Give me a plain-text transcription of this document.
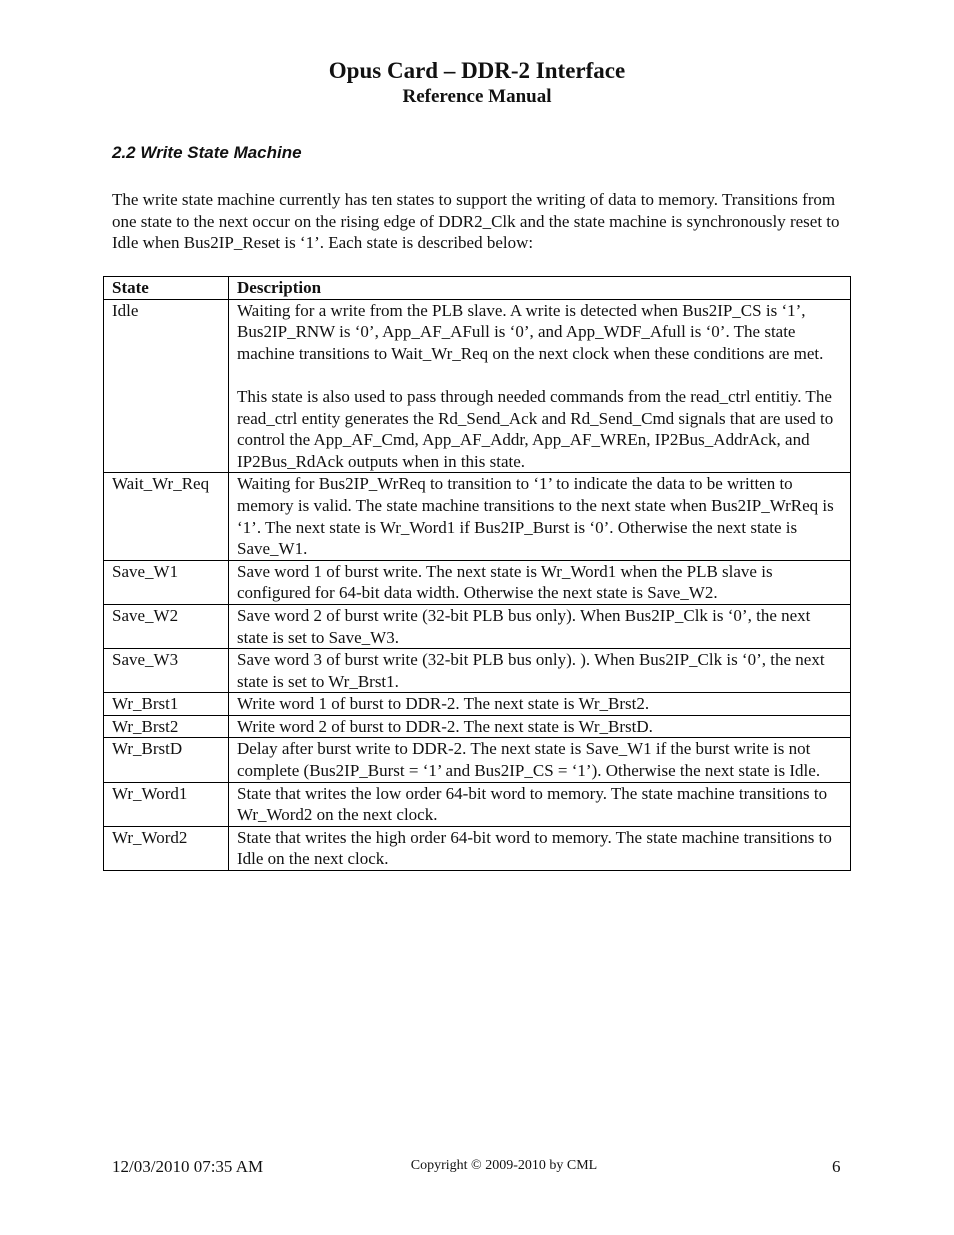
Opus Card – DDR-2 Interface
Reference Manual
2.2 Write State Machine

The write state machine currently has ten states to support the writing of data to memory. Transitions from one state to the next occur on the rising edge of DDR2_Clk and the state machine is synchronously reset to Idle when Bus2IP_Reset is ‘1’. Each state is described below:

State	Description
Idle	Waiting for a write from the PLB slave. A write is detected when Bus2IP_CS is ‘1’, Bus2IP_RNW is ‘0’, App_AF_AFull is ‘0’, and App_WDF_Afull is ‘0’. The state machine transitions to Wait_Wr_Req on the next clock when these conditions are met.
This state is also used to pass through needed commands from the read_ctrl entitiy. The read_ctrl entity generates the Rd_Send_Ack and Rd_Send_Cmd signals that are used to control the App_AF_Cmd, App_AF_Addr, App_AF_WREn, IP2Bus_AddrAck, and IP2Bus_RdAck outputs when in this state.

Wait_Wr_Req	Waiting for Bus2IP_WrReq to transition to ‘1’ to indicate the data to be written to memory is valid. The state machine transitions to the next state when Bus2IP_WrReq is ‘1’. The next state is Wr_Word1 if Bus2IP_Burst is ‘0’. Otherwise the next state is Save_W1.

Save_W1	Save word 1 of burst write. The next state is Wr_Word1 when the PLB slave is configured for 64-bit data width. Otherwise the next state is Save_W2.

Save_W2	Save word 2 of burst write (32-bit PLB bus only). When Bus2IP_Clk is ‘0’, the next state is set to Save_W3.

Save_W3	Save word 3 of burst write (32-bit PLB bus only). ). When Bus2IP_Clk is ‘0’, the next state is set to Wr_Brst1.

Wr_Brst1	Write word 1 of burst to DDR-2. The next state is Wr_Brst2.

Wr_Brst2	Write word 2 of burst to DDR-2. The next state is Wr_BrstD.

Wr_BrstD	Delay after burst write to DDR-2. The next state is Save_W1 if the burst write is not complete (Bus2IP_Burst = ‘1’ and Bus2IP_CS = ‘1’). Otherwise the next state is Idle.

Wr_Word1	State that writes the low order 64-bit word to memory. The state machine transitions to Wr_Word2 on the next clock.

Wr_Word2	State that writes the high order 64-bit word to memory. The state machine transitions to Idle on the next clock.
12/03/2010 07:35 AM	Copyright © 2009-2010 by CML	6
